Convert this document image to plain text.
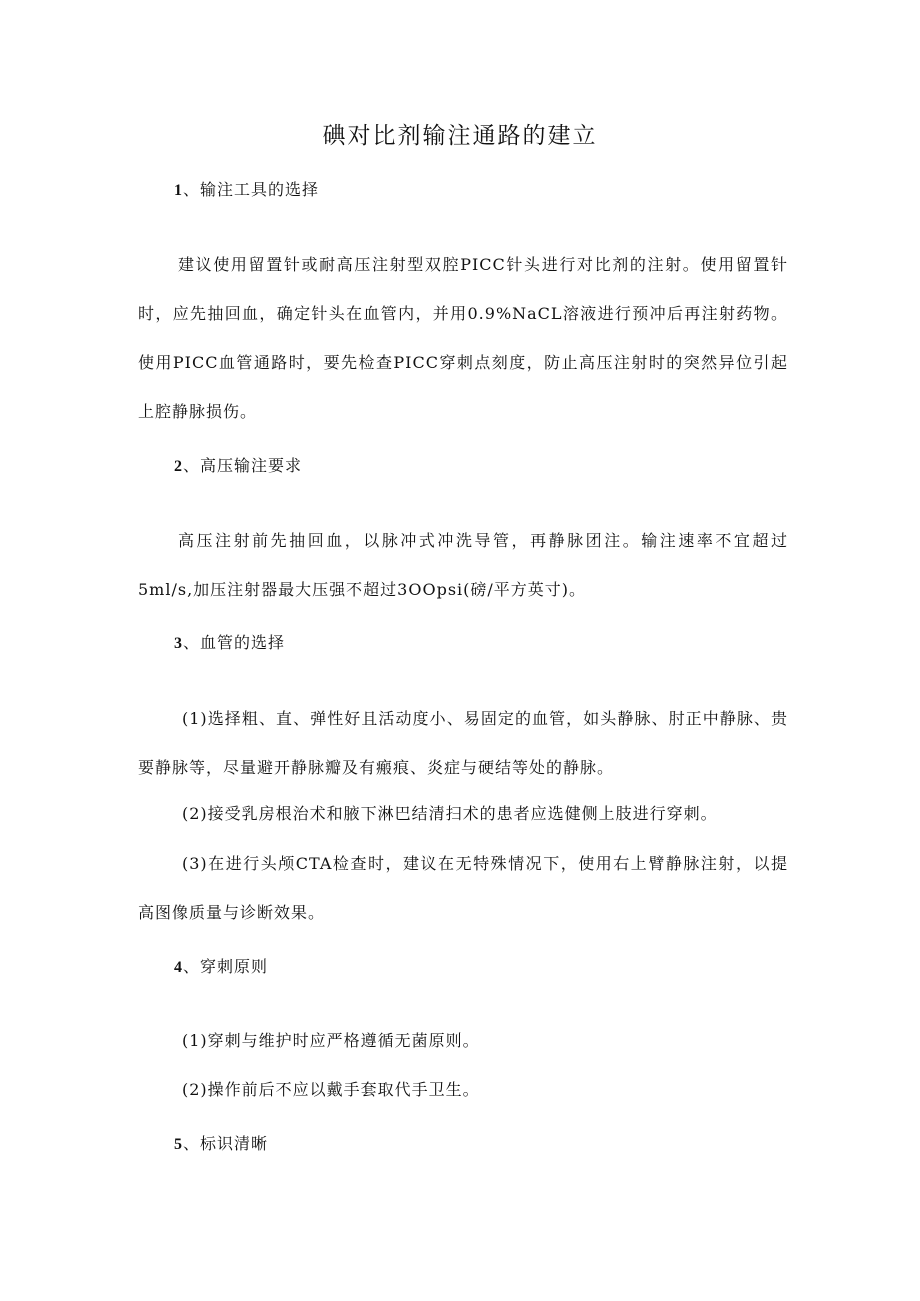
碘对比剂输注通路的建立
1、输注工具的选择

建议使用留置针或耐高压注射型双腔PICC针头进行对比剂的注射。使用留置针时，应先抽回血，确定针头在血管内，并用0.9%NaCL溶液进行预冲后再注射药物。使用PICC血管通路时，要先检查PICC穿刺点刻度，防止高压注射时的突然异位引起上腔静脉损伤。

2、高压输注要求

高压注射前先抽回血，以脉冲式冲洗导管，再静脉团注。输注速率不宜超过5ml∕s,加压注射器最大压强不超过3OOpsi(磅/平方英寸)。

3、血管的选择

(1)选择粗、直、弹性好且活动度小、易固定的血管，如头静脉、肘正中静脉、贵要静脉等，尽量避开静脉瓣及有瘢痕、炎症与硬结等处的静脉。

(2)接受乳房根治术和腋下淋巴结清扫术的患者应选健侧上肢进行穿刺。

(3)在进行头颅CTA检查时，建议在无特殊情况下，使用右上臂静脉注射，以提高图像质量与诊断效果。

4、穿刺原则

(1)穿刺与维护时应严格遵循无菌原则。

(2)操作前后不应以戴手套取代手卫生。

5、标识清晰
